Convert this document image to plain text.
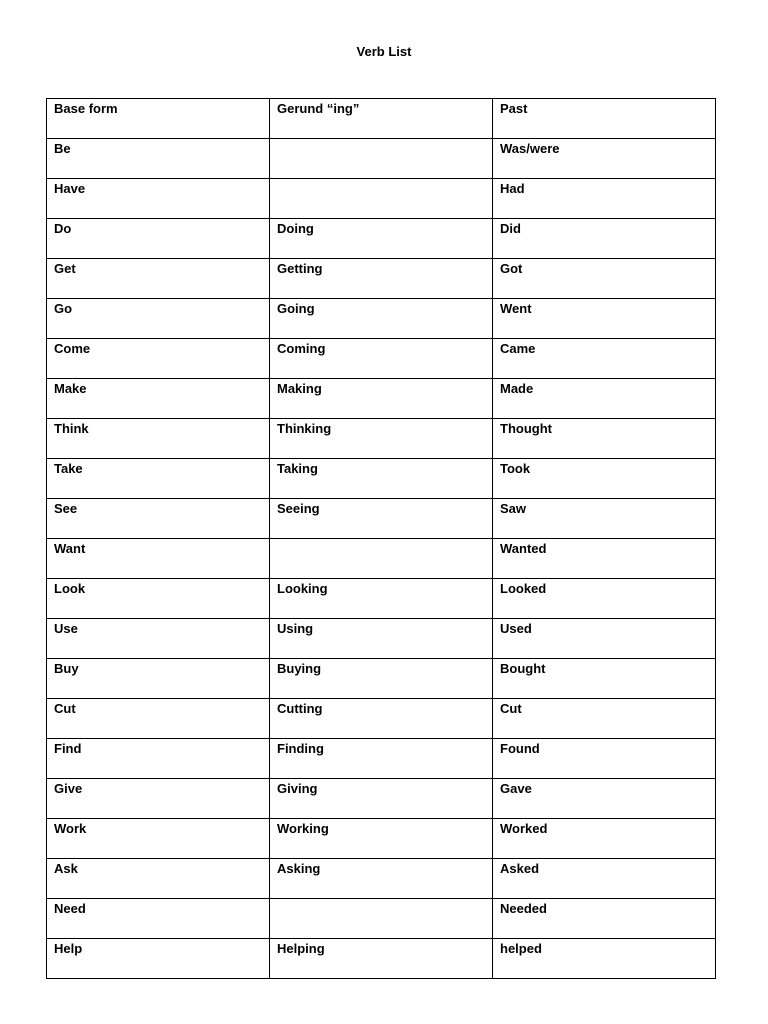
Verb List
Base form	Gerund “ing”	Past
Be		Was/were
Have		Had
Do	Doing	Did
Get	Getting	Got
Go	Going	Went
Come	Coming	Came
Make	Making	Made
Think	Thinking	Thought
Take	Taking	Took
See	Seeing	Saw
Want		Wanted
Look	Looking	Looked
Use	Using	Used
Buy	Buying	Bought
Cut	Cutting	Cut
Find	Finding	Found
Give	Giving	Gave
Work	Working	Worked
Ask	Asking	Asked
Need		Needed
Help	Helping	helped
